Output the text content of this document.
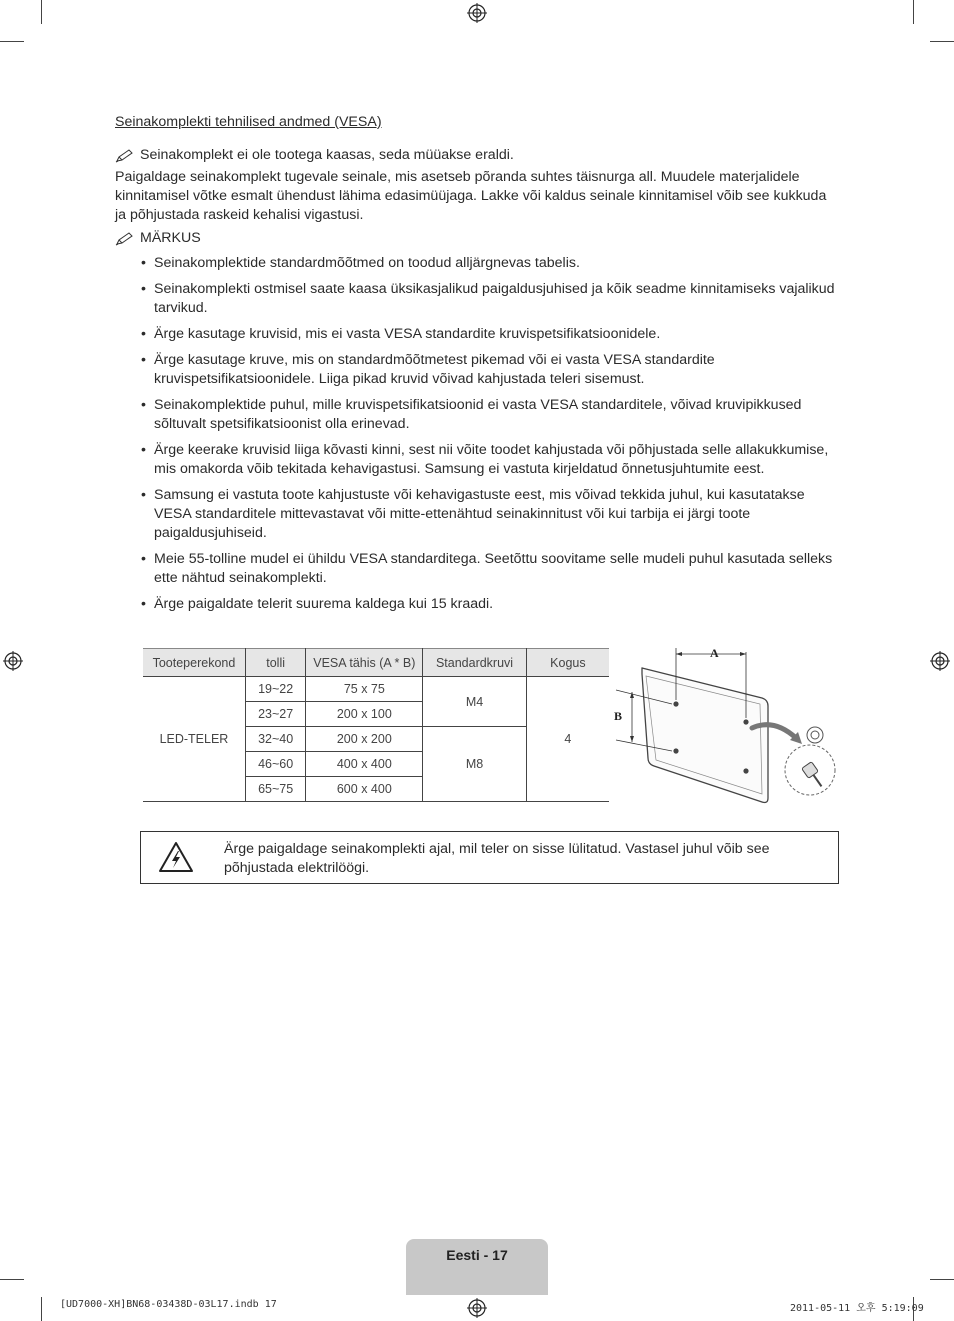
Seinakomplekti tehnilised andmed (VESA)

Seinakomplekt ei ole tootega kaasas, seda müüakse eraldi.

Paigaldage seinakomplekt tugevale seinale, mis asetseb põranda suhtes täisnurga all. Muudele materjalidele kinnitamisel võtke esmalt ühendust lähima edasimüüjaga. Lakke või kaldus seinale kinnitamisel võib see kukkuda ja põhjustada raskeid kehalisi vigastusi.

MÄRKUS

• Seinakomplektide standardmõõtmed on toodud alljärgnevas tabelis.
• Seinakomplekti ostmisel saate kaasa üksikasjalikud paigaldusjuhised ja kõik seadme kinnitamiseks vajalikud tarvikud.
• Ärge kasutage kruvisid, mis ei vasta VESA standardite kruvispetsifikatsioonidele.
• Ärge kasutage kruve, mis on standardmõõtmetest pikemad või ei vasta VESA standardite kruvispetsifikatsioonidele. Liiga pikad kruvid võivad kahjustada teleri sisemust.
• Seinakomplektide puhul, mille kruvispetsifikatsioonid ei vasta VESA standarditele, võivad kruvipikkused sõltuvalt spetsifikatsioonist olla erinevad.
• Ärge keerake kruvisid liiga kõvasti kinni, sest nii võite toodet kahjustada või põhjustada selle allakukkumise, mis omakorda võib tekitada kehavigastusi. Samsung ei vastuta kirjeldatud õnnetusjuhtumite eest.
• Samsung ei vastuta toote kahjustuste või kehavigastuste eest, mis võivad tekkida juhul, kui kasutatakse VESA standarditele mittevastavat või mitte-ettenähtud seinakinnitust või kui tarbija ei järgi toote paigaldusjuhiseid.
• Meie 55-tolline mudel ei ühildu VESA standarditega. Seetõttu soovitame selle mudeli puhul kasutada selleks ette nähtud seinakomplekti.
• Ärge paigaldate telerit suurema kaldega kui 15 kraadi.
Tooteperekond	tolli	VESA tähis (A * B)	Standardkruvi	Kogus
LED-TELER	19~22	75 x 75	M4	4
	23~27	200 x 100		
	32~40	200 x 200	M8	
	46~60	400 x 400		
	65~75	600 x 400		
A
B
Ärge paigaldage seinakomplekti ajal, mil teler on sisse lülitatud. Vastasel juhul võib see põhjustada elektrilöögi.
Eesti - 17
[UD7000-XH]BN68-03438D-03L17.indb 17	2011-05-11 오후 5:19:09
